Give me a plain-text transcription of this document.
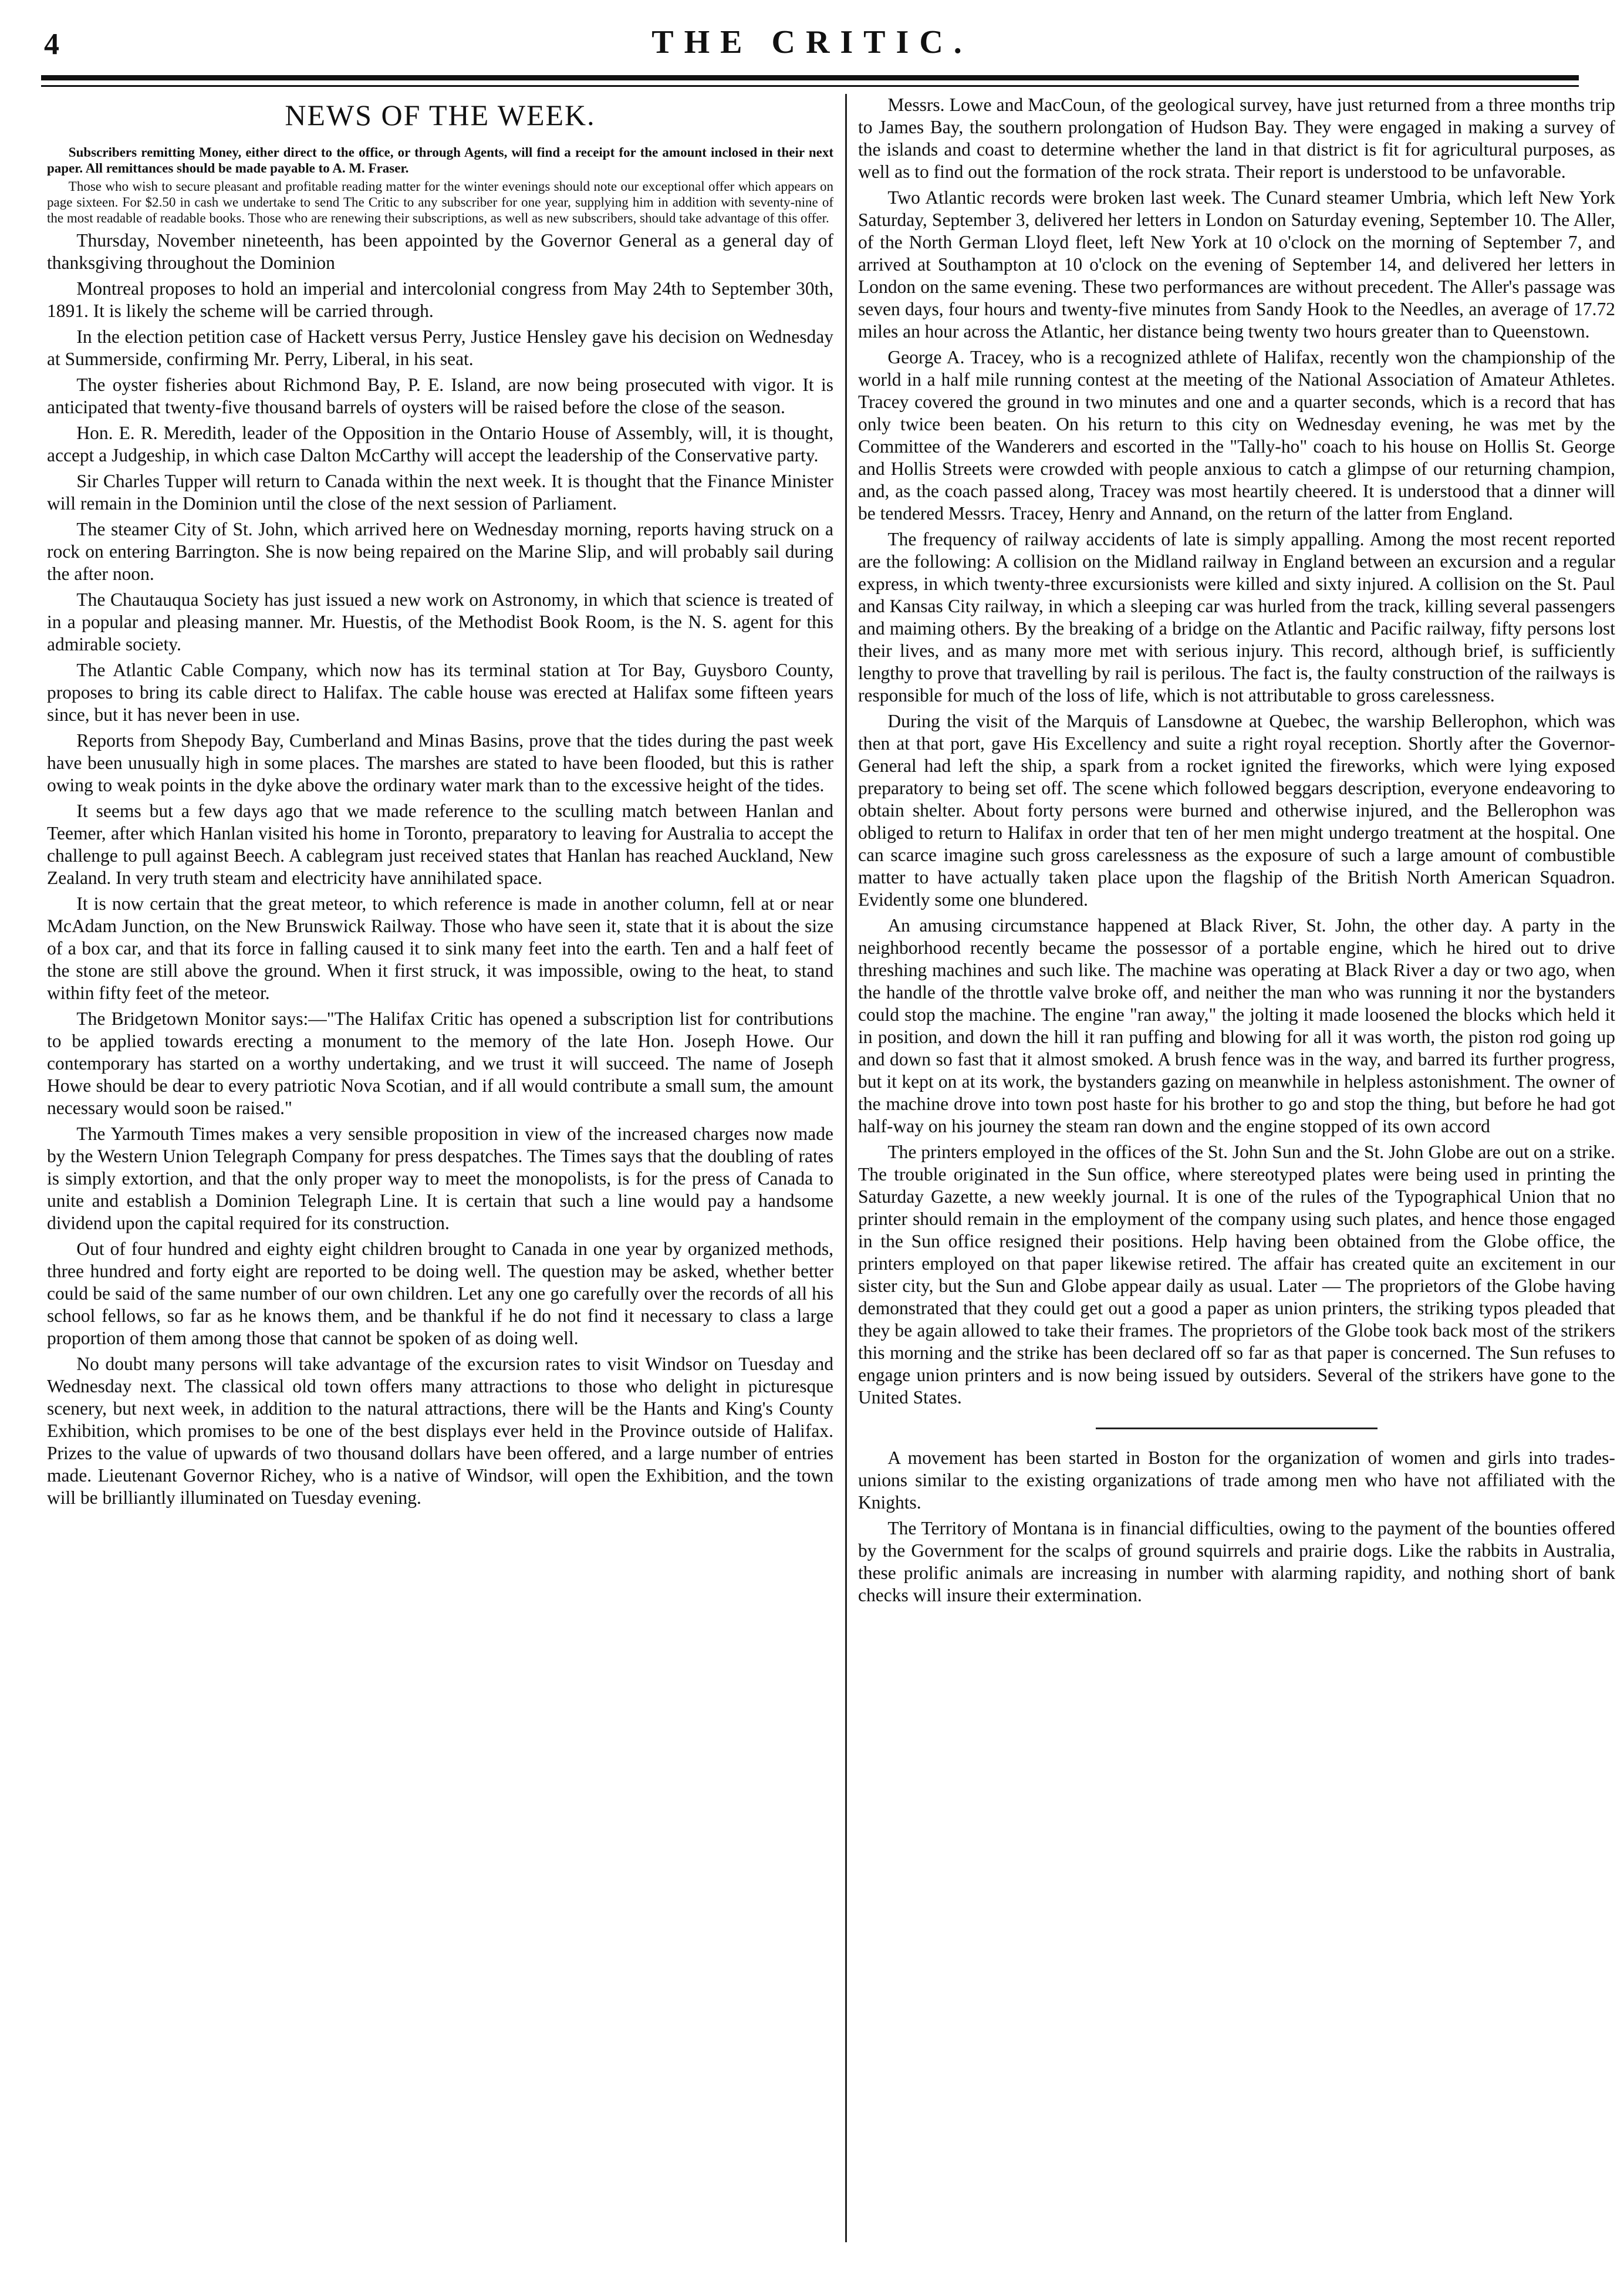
4	THE CRITIC.
NEWS OF THE WEEK.

Subscribers remitting Money, either direct to the office, or through Agents, will find a receipt for the amount inclosed in their next paper. All remittances should be made payable to A. M. Fraser.

Those who wish to secure pleasant and profitable reading matter for the winter evenings should note our exceptional offer which appears on page sixteen. For $2.50 in cash we undertake to send The Critic to any subscriber for one year, supplying him in addition with seventy-nine of the most readable of readable books. Those who are renewing their subscriptions, as well as new subscribers, should take advantage of this offer.

Thursday, November nineteenth, has been appointed by the Governor General as a general day of thanksgiving throughout the Dominion

Montreal proposes to hold an imperial and intercolonial congress from May 24th to September 30th, 1891. It is likely the scheme will be carried through.

In the election petition case of Hackett versus Perry, Justice Hensley gave his decision on Wednesday at Summerside, confirming Mr. Perry, Liberal, in his seat.

The oyster fisheries about Richmond Bay, P. E. Island, are now being prosecuted with vigor. It is anticipated that twenty-five thousand barrels of oysters will be raised before the close of the season.

Hon. E. R. Meredith, leader of the Opposition in the Ontario House of Assembly, will, it is thought, accept a Judgeship, in which case Dalton McCarthy will accept the leadership of the Conservative party.

Sir Charles Tupper will return to Canada within the next week. It is thought that the Finance Minister will remain in the Dominion until the close of the next session of Parliament.

The steamer City of St. John, which arrived here on Wednesday morning, reports having struck on a rock on entering Barrington. She is now being repaired on the Marine Slip, and will probably sail during the after noon.

The Chautauqua Society has just issued a new work on Astronomy, in which that science is treated of in a popular and pleasing manner. Mr. Huestis, of the Methodist Book Room, is the N. S. agent for this admirable society.

The Atlantic Cable Company, which now has its terminal station at Tor Bay, Guysboro County, proposes to bring its cable direct to Halifax. The cable house was erected at Halifax some fifteen years since, but it has never been in use.

Reports from Shepody Bay, Cumberland and Minas Basins, prove that the tides during the past week have been unusually high in some places. The marshes are stated to have been flooded, but this is rather owing to weak points in the dyke above the ordinary water mark than to the excessive height of the tides.

It seems but a few days ago that we made reference to the sculling match between Hanlan and Teemer, after which Hanlan visited his home in Toronto, preparatory to leaving for Australia to accept the challenge to pull against Beech. A cablegram just received states that Hanlan has reached Auckland, New Zealand. In very truth steam and electricity have annihilated space.

It is now certain that the great meteor, to which reference is made in another column, fell at or near McAdam Junction, on the New Brunswick Railway. Those who have seen it, state that it is about the size of a box car, and that its force in falling caused it to sink many feet into the earth. Ten and a half feet of the stone are still above the ground. When it first struck, it was impossible, owing to the heat, to stand within fifty feet of the meteor.

The Bridgetown Monitor says:—"The Halifax Critic has opened a subscription list for contributions to be applied towards erecting a monument to the memory of the late Hon. Joseph Howe. Our contemporary has started on a worthy undertaking, and we trust it will succeed. The name of Joseph Howe should be dear to every patriotic Nova Scotian, and if all would contribute a small sum, the amount necessary would soon be raised."

The Yarmouth Times makes a very sensible proposition in view of the increased charges now made by the Western Union Telegraph Company for press despatches. The Times says that the doubling of rates is simply extortion, and that the only proper way to meet the monopolists, is for the press of Canada to unite and establish a Dominion Telegraph Line. It is certain that such a line would pay a handsome dividend upon the capital required for its construction.

Out of four hundred and eighty eight children brought to Canada in one year by organized methods, three hundred and forty eight are reported to be doing well. The question may be asked, whether better could be said of the same number of our own children. Let any one go carefully over the records of all his school fellows, so far as he knows them, and be thankful if he do not find it necessary to class a large proportion of them among those that cannot be spoken of as doing well.

No doubt many persons will take advantage of the excursion rates to visit Windsor on Tuesday and Wednesday next. The classical old town offers many attractions to those who delight in picturesque scenery, but next week, in addition to the natural attractions, there will be the Hants and King's County Exhibition, which promises to be one of the best displays ever held in the Province outside of Halifax. Prizes to the value of upwards of two thousand dollars have been offered, and a large number of entries made. Lieutenant Governor Richey, who is a native of Windsor, will open the Exhibition, and the town will be brilliantly illuminated on Tuesday evening.

Messrs. Lowe and MacCoun, of the geological survey, have just returned from a three months trip to James Bay, the southern prolongation of Hudson Bay. They were engaged in making a survey of the islands and coast to determine whether the land in that district is fit for agricultural purposes, as well as to find out the formation of the rock strata. Their report is understood to be unfavorable.

Two Atlantic records were broken last week. The Cunard steamer Umbria, which left New York Saturday, September 3, delivered her letters in London on Saturday evening, September 10. The Aller, of the North German Lloyd fleet, left New York at 10 o'clock on the morning of September 7, and arrived at Southampton at 10 o'clock on the evening of September 14, and delivered her letters in London on the same evening. These two performances are without precedent. The Aller's passage was seven days, four hours and twenty-five minutes from Sandy Hook to the Needles, an average of 17.72 miles an hour across the Atlantic, her distance being twenty two hours greater than to Queenstown.

George A. Tracey, who is a recognized athlete of Halifax, recently won the championship of the world in a half mile running contest at the meeting of the National Association of Amateur Athletes. Tracey covered the ground in two minutes and one and a quarter seconds, which is a record that has only twice been beaten. On his return to this city on Wednesday evening, he was met by the Committee of the Wanderers and escorted in the "Tally-ho" coach to his house on Hollis St. George and Hollis Streets were crowded with people anxious to catch a glimpse of our returning champion, and, as the coach passed along, Tracey was most heartily cheered. It is understood that a dinner will be tendered Messrs. Tracey, Henry and Annand, on the return of the latter from England.

The frequency of railway accidents of late is simply appalling. Among the most recent reported are the following: A collision on the Midland railway in England between an excursion and a regular express, in which twenty-three excursionists were killed and sixty injured. A collision on the St. Paul and Kansas City railway, in which a sleeping car was hurled from the track, killing several passengers and maiming others. By the breaking of a bridge on the Atlantic and Pacific railway, fifty persons lost their lives, and as many more met with serious injury. This record, although brief, is sufficiently lengthy to prove that travelling by rail is perilous. The fact is, the faulty construction of the railways is responsible for much of the loss of life, which is not attributable to gross carelessness.

During the visit of the Marquis of Lansdowne at Quebec, the warship Bellerophon, which was then at that port, gave His Excellency and suite a right royal reception. Shortly after the Governor-General had left the ship, a spark from a rocket ignited the fireworks, which were lying exposed preparatory to being set off. The scene which followed beggars description, everyone endeavoring to obtain shelter. About forty persons were burned and otherwise injured, and the Bellerophon was obliged to return to Halifax in order that ten of her men might undergo treatment at the hospital. One can scarce imagine such gross carelessness as the exposure of such a large amount of combustible matter to have actually taken place upon the flagship of the British North American Squadron. Evidently some one blundered.

An amusing circumstance happened at Black River, St. John, the other day. A party in the neighborhood recently became the possessor of a portable engine, which he hired out to drive threshing machines and such like. The machine was operating at Black River a day or two ago, when the handle of the throttle valve broke off, and neither the man who was running it nor the bystanders could stop the machine. The engine "ran away," the jolting it made loosened the blocks which held it in position, and down the hill it ran puffing and blowing for all it was worth, the piston rod going up and down so fast that it almost smoked. A brush fence was in the way, and barred its further progress, but it kept on at its work, the bystanders gazing on meanwhile in helpless astonishment. The owner of the machine drove into town post haste for his brother to go and stop the thing, but before he had got half-way on his journey the steam ran down and the engine stopped of its own accord

The printers employed in the offices of the St. John Sun and the St. John Globe are out on a strike. The trouble originated in the Sun office, where stereotyped plates were being used in printing the Saturday Gazette, a new weekly journal. It is one of the rules of the Typographical Union that no printer should remain in the employment of the company using such plates, and hence those engaged in the Sun office resigned their positions. Help having been obtained from the Globe office, the printers employed on that paper likewise retired. The affair has created quite an excitement in our sister city, but the Sun and Globe appear daily as usual. Later — The proprietors of the Globe having demonstrated that they could get out a good a paper as union printers, the striking typos pleaded that they be again allowed to take their frames. The proprietors of the Globe took back most of the strikers this morning and the strike has been declared off so far as that paper is concerned. The Sun refuses to engage union printers and is now being issued by outsiders. Several of the strikers have gone to the United States.

A movement has been started in Boston for the organization of women and girls into trades-unions similar to the existing organizations of trade among men who have not affiliated with the Knights.

The Territory of Montana is in financial difficulties, owing to the payment of the bounties offered by the Government for the scalps of ground squirrels and prairie dogs. Like the rabbits in Australia, these prolific animals are increasing in number with alarming rapidity, and nothing short of bank checks will insure their extermination.
